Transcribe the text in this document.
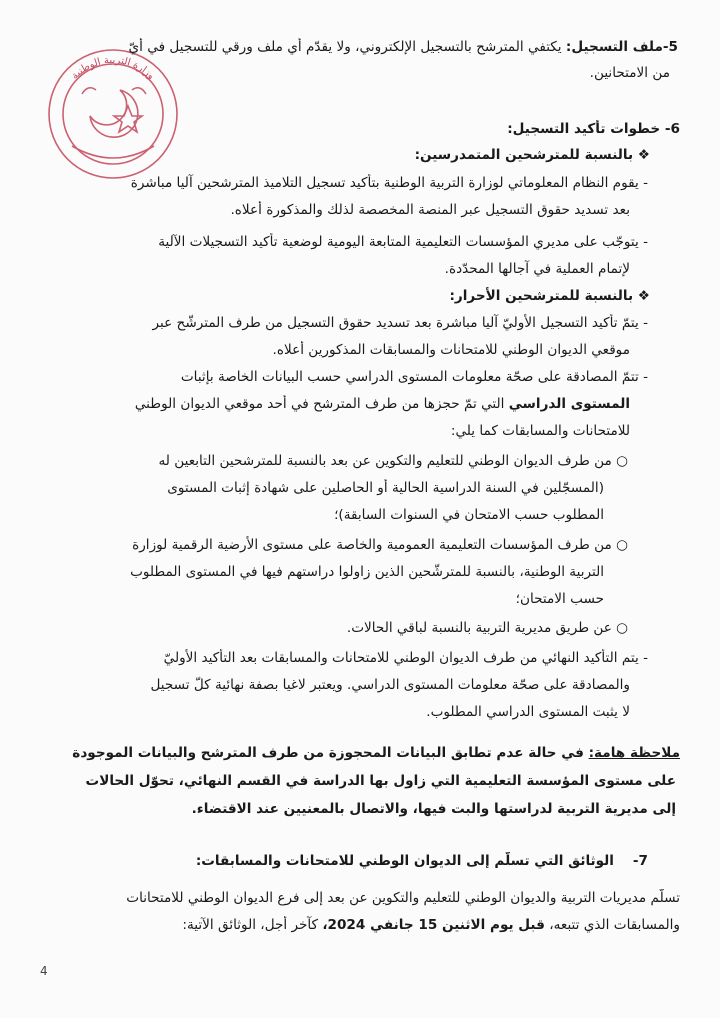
وزارة التربية الوطنية
5-ملف التسجيل: يكتفي المترشح بالتسجيل الإلكتروني، ولا يقدّم أي ملف ورقي للتسجيل في أيّ
من الامتحانين.
6- خطوات تأكيد التسجيل:
❖ بالنسبة للمترشحين المتمدرسين:
- يقوم النظام المعلوماتي لوزارة التربية الوطنية بتأكيد تسجيل التلاميذ المترشحين آليا مباشرة
بعد تسديد حقوق التسجيل عبر المنصة المخصصة لذلك والمذكورة أعلاه.
- يتوجّب على مديري المؤسسات التعليمية المتابعة اليومية لوضعية تأكيد التسجيلات الآلية
لإتمام العملية في آجالها المحدّدة.
❖ بالنسبة للمترشحين الأحرار:
- يتمّ تأكيد التسجيل الأوليّ آليا مباشرة بعد تسديد حقوق التسجيل من طرف المترشّح عبر
موقعي الديوان الوطني للامتحانات والمسابقات المذكورين أعلاه.
- تتمّ المصادقة على صحّة معلومات المستوى الدراسي حسب البيانات الخاصة بإثبات
المستوى الدراسي التي تمّ حجزها من طرف المترشح في أحد موقعي الديوان الوطني
للامتحانات والمسابقات كما يلي:
○ من طرف الديوان الوطني للتعليم والتكوين عن بعد بالنسبة للمترشحين التابعين له
(المسجّلين في السنة الدراسية الحالية أو الحاصلين على شهادة إثبات المستوى
المطلوب حسب الامتحان في السنوات السابقة)؛
○ من طرف المؤسسات التعليمية العمومية والخاصة على مستوى الأرضية الرقمية لوزارة
التربية الوطنية، بالنسبة للمترشّحين الذين زاولوا دراستهم فيها في المستوى المطلوب
حسب الامتحان؛
○ عن طريق مديرية التربية بالنسبة لباقي الحالات.
- يتم التأكيد النهائي من طرف الديوان الوطني للامتحانات والمسابقات بعد التأكيد الأوليّ
والمصادقة على صحّة معلومات المستوى الدراسي. ويعتبر لاغيا بصفة نهائية كلّ تسجيل
لا يثبت المستوى الدراسي المطلوب.
ملاحظة هامة: في حالة عدم تطابق البيانات المحجوزة من طرف المترشح والبيانات الموجودة
على مستوى المؤسسة التعليمية التي زاول بها الدراسة في القسم النهائي، تحوّل الحالات
إلى مديرية التربية لدراستها والبت فيها، والاتصال بالمعنيين عند الاقتضاء.
7-    الوثائق التي تسلّم إلى الديوان الوطني للامتحانات والمسابقات:
تسلّم مديريات التربية والديوان الوطني للتعليم والتكوين عن بعد إلى فرع الديوان الوطني للامتحانات
والمسابقات الذي تتبعه، قبل يوم الاثنين 15 جانفي 2024، كآخر أجل، الوثائق الآتية:
4
